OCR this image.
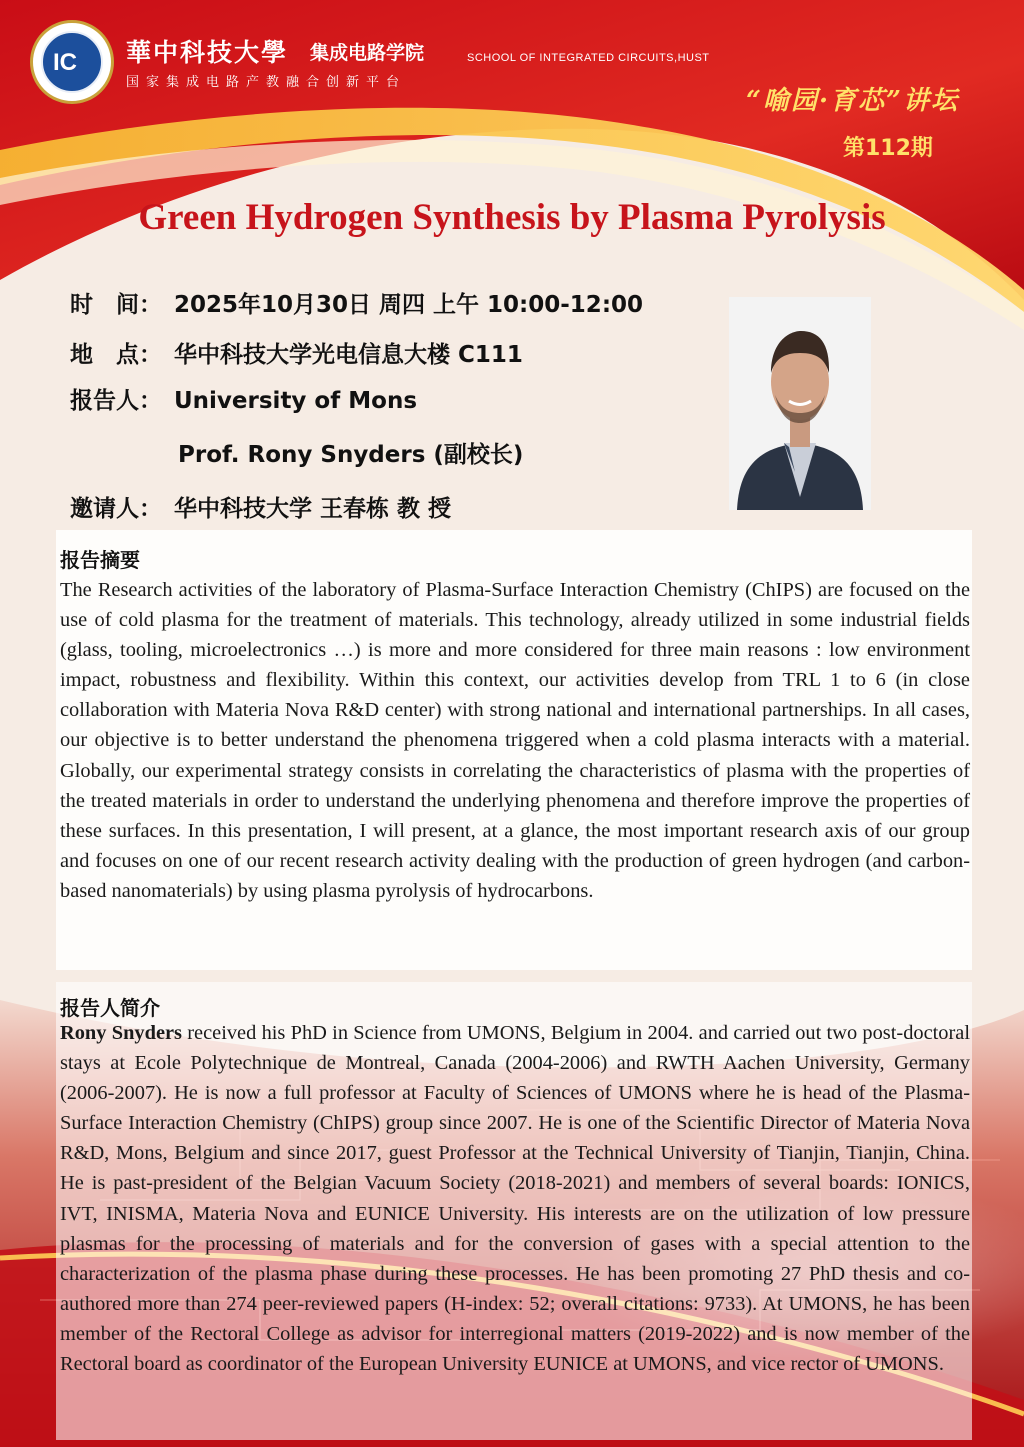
IC 華中科技大學 集成电路学院
国家集成电路产教融合创新平台
SCHOOL OF INTEGRATED CIRCUITS,HUST
“喻园·育芯”讲坛
第112期
Green Hydrogen Synthesis by Plasma Pyrolysis
时　间： 2025年10月30日 周四 上午 10:00-12:00
地　点： 华中科技大学光电信息大楼 C111
报告人： University of Mons
Prof. Rony Snyders (副校长)
邀请人： 华中科技大学 王春栋 教 授
报告摘要

The Research activities of the laboratory of Plasma-Surface Interaction Chemistry (ChIPS) are focused on the use of cold plasma for the treatment of materials. This technology, already utilized in some industrial fields (glass, tooling, microelectronics …) is more and more considered for three main reasons : low environment impact, robustness and flexibility. Within this context, our activities develop from TRL 1 to 6 (in close collaboration with Materia Nova R&D center) with strong national and international partnerships. In all cases, our objective is to better understand the phenomena triggered when a cold plasma interacts with a material. Globally, our experimental strategy consists in correlating the characteristics of plasma with the properties of the treated materials in order to understand the underlying phenomena and therefore improve the properties of these surfaces. In this presentation, I will present, at a glance, the most important research axis of our group and focuses on one of our recent research activity dealing with the production of green hydrogen (and carbon-based nanomaterials) by using plasma pyrolysis of hydrocarbons.

报告人简介

Rony Snyders received his PhD in Science from UMONS, Belgium in 2004. and carried out two post-doctoral stays at Ecole Polytechnique de Montreal, Canada (2004-2006) and RWTH Aachen University, Germany (2006-2007). He is now a full professor at Faculty of Sciences of UMONS where he is head of the Plasma-Surface Interaction Chemistry (ChIPS) group since 2007. He is one of the Scientific Director of Materia Nova R&D, Mons, Belgium and since 2017, guest Professor at the Technical University of Tianjin, Tianjin, China. He is past-president of the Belgian Vacuum Society (2018-2021) and members of several boards: IONICS, IVT, INISMA, Materia Nova and EUNICE University. His interests are on the utilization of low pressure plasmas for the processing of materials and for the conversion of gases with a special attention to the characterization of the plasma phase during these processes. He has been promoting 27 PhD thesis and co-authored more than 274 peer-reviewed papers (H-index: 52; overall citations: 9733). At UMONS, he has been member of the Rectoral College as advisor for interregional matters (2019-2022) and is now member of the Rectoral board as coordinator of the European University EUNICE at UMONS, and vice rector of UMONS.
